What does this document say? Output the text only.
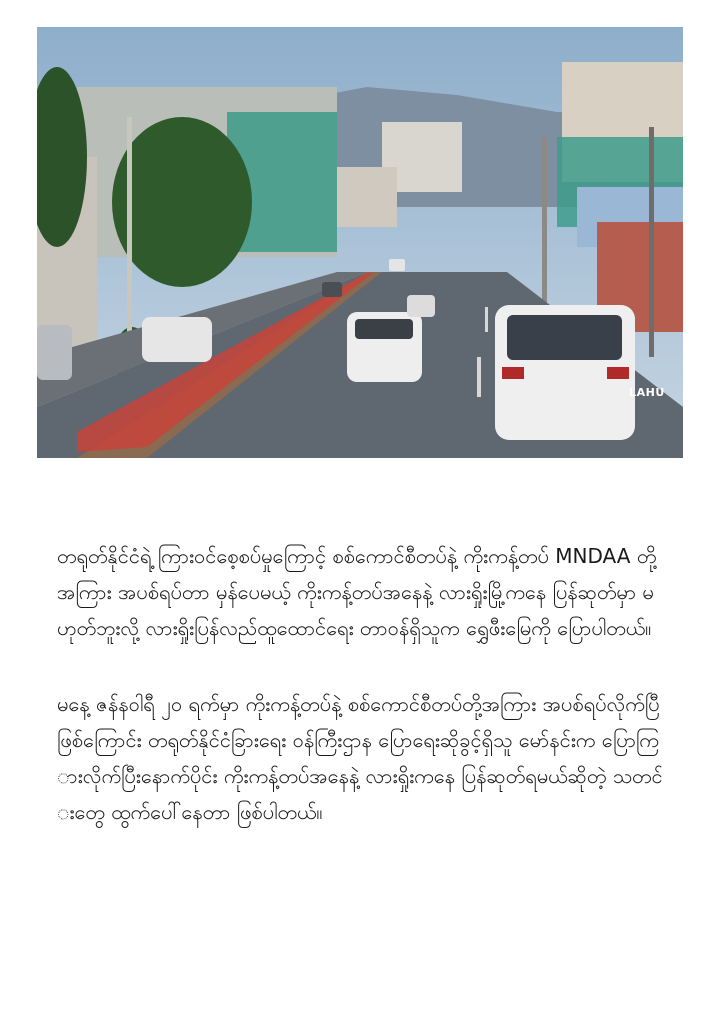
LAHU

တရုတ်နိုင်ငံရဲ့ ကြားဝင်စေ့စပ်မှုကြောင့် စစ်ကောင်စီတပ်နဲ့ ကိုးကန့်တပ် MNDAA တို့အကြား အပစ်ရပ်တာ မှန်ပေမယ့် ကိုးကန့်တပ်အနေနဲ့ လားရှိုးမြို့ကနေ ပြန်ဆုတ်မှာ မဟုတ်ဘူးလို့ လားရှိုးပြန်လည်ထူထောင်ရေး တာဝန်ရှိသူက ရွှေဖီးမြေကို ပြောပါတယ်။

မနေ့ ဇန်နဝါရီ ၂၀ ရက်မှာ ကိုးကန့်တပ်နဲ့ စစ်ကောင်စီတပ်တို့အကြား အပစ်ရပ်လိုက်ပြီဖြစ်ကြောင်း တရုတ်နိုင်ငံခြားရေး ဝန်ကြီးဌာန ပြောရေးဆိုခွင့်ရှိသူ မော်နင်းက ပြောကြားလိုက်ပြီးနောက်ပိုင်း ကိုးကန့်တပ်အနေနဲ့ လားရှိုးကနေ ပြန်ဆုတ်ရမယ်ဆိုတဲ့ သတင်းတွေ ထွက်ပေါ်နေတာ ဖြစ်ပါတယ်။
